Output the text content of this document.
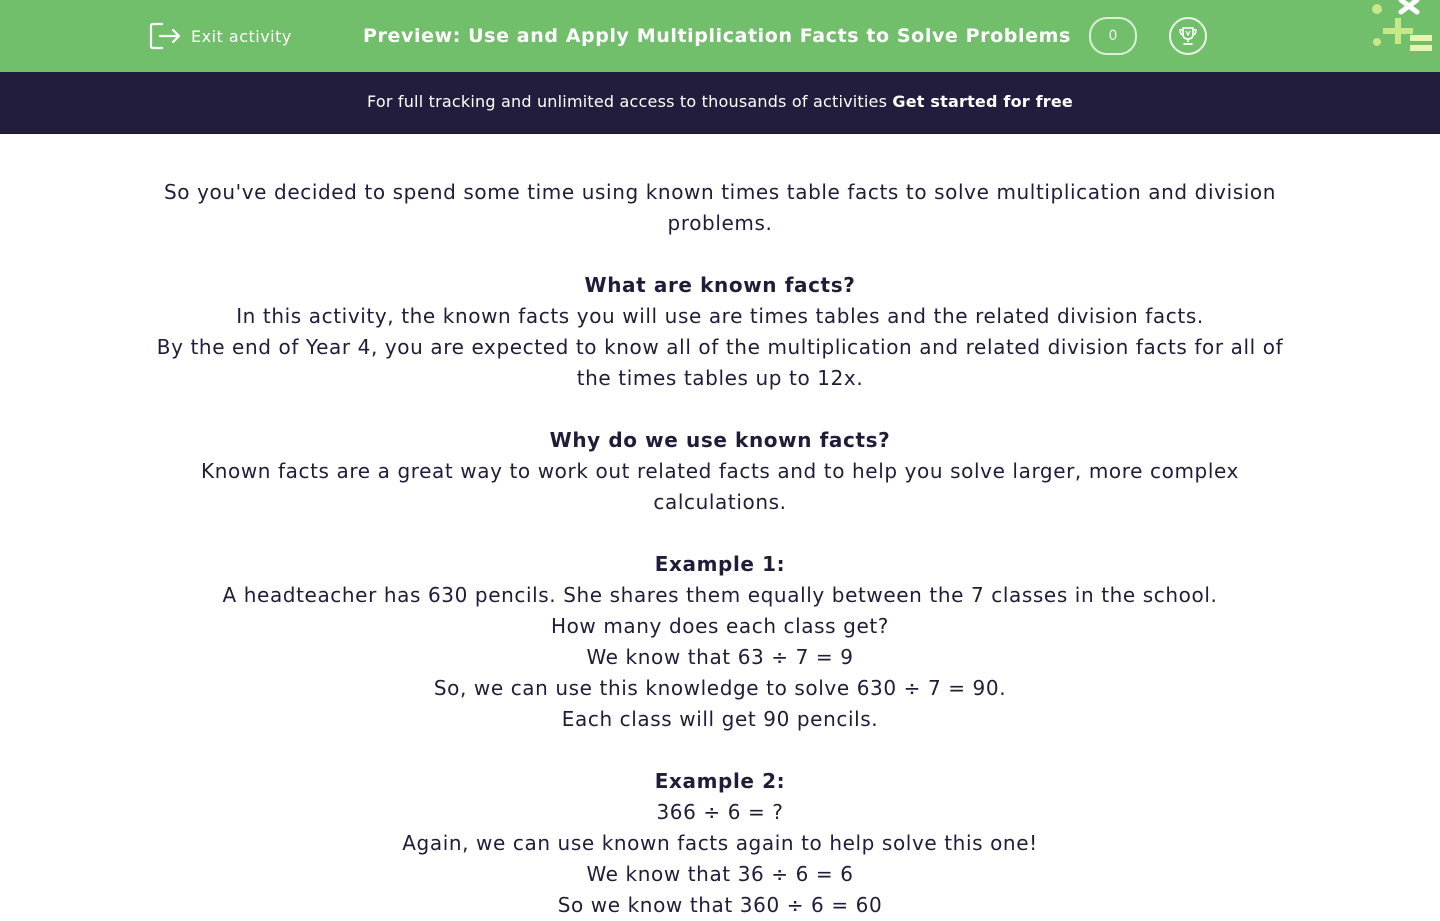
Exit activity	Preview: Use and Apply Multiplication Facts to Solve Problems	0
For full tracking and unlimited access to thousands of activities Get started for free

So you've decided to spend some time using known times table facts to solve multiplication and division problems.

What are known facts?

In this activity, the known facts you will use are times tables and the related division facts.

By the end of Year 4, you are expected to know all of the multiplication and related division facts for all of the times tables up to 12x.

Why do we use known facts?

Known facts are a great way to work out related facts and to help you solve larger, more complex calculations.

Example 1:

A headteacher has 630 pencils. She shares them equally between the 7 classes in the school.

How many does each class get?

We know that 63 ÷ 7 = 9

So, we can use this knowledge to solve 630 ÷ 7 = 90.

Each class will get 90 pencils.

Example 2:

366 ÷ 6 = ?

Again, we can use known facts again to help solve this one!

We know that 36 ÷ 6 = 6

So we know that 360 ÷ 6 = 60
